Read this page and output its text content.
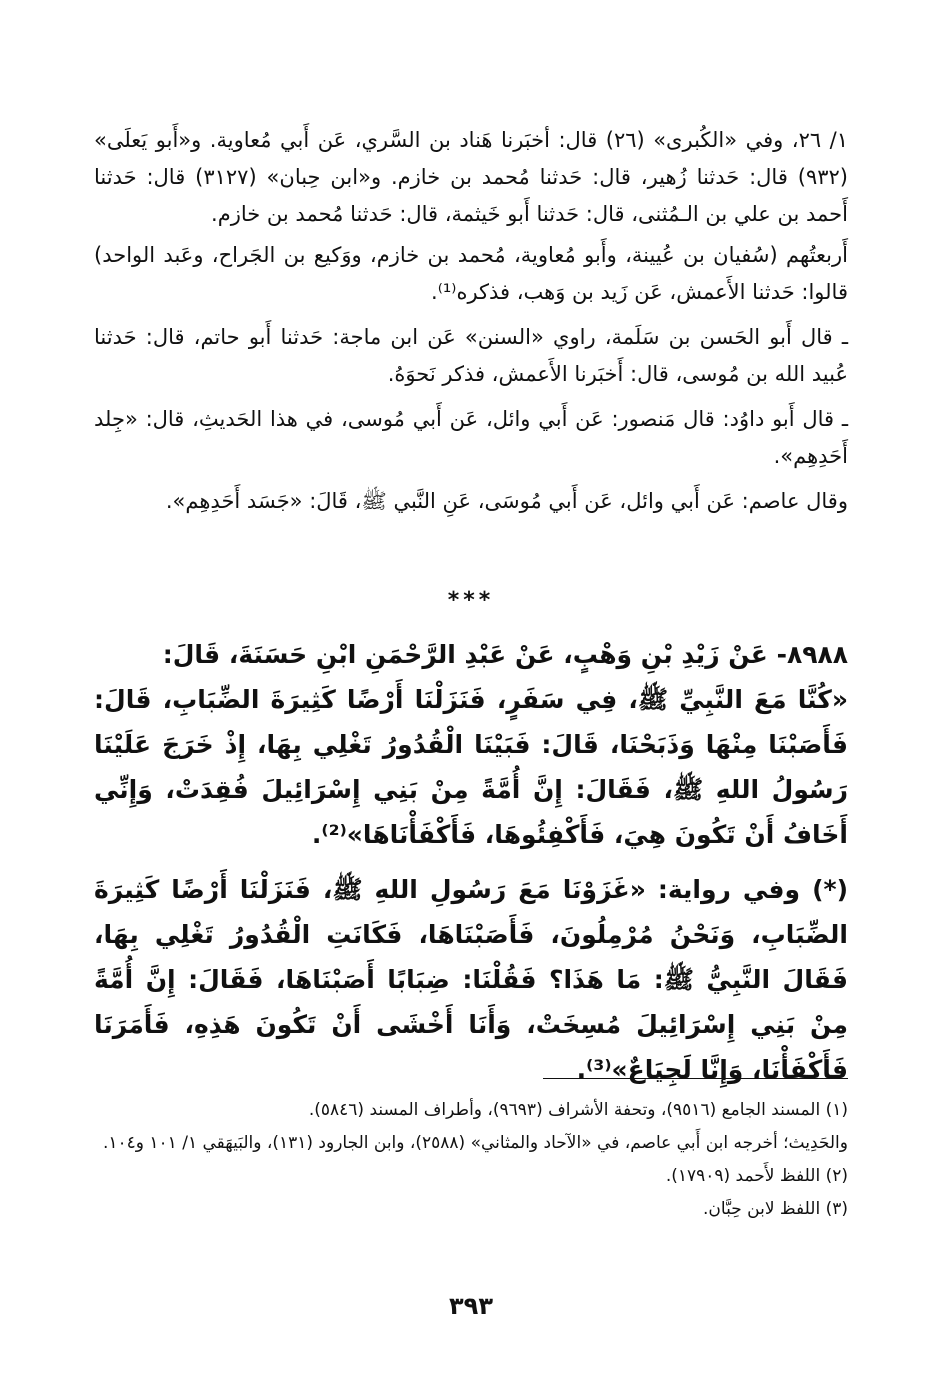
١/ ٢٦، وفي «الكُبرى» (٢٦) قال: أخبَرنا هَناد بن السَّري، عَن أَبي مُعاوية. و«أَبو يَعلَى» (٩٣٢) قال: حَدثنا زُهير، قال: حَدثنا مُحمد بن خازم. و«ابن حِبان» (٣١٢٧) قال: حَدثنا أَحمد بن علي بن الـمُثنى، قال: حَدثنا أَبو خَيثمة، قال: حَدثنا مُحمد بن خازم.

أَربعتُهم (سُفيان بن عُيينة، وأَبو مُعاوية، مُحمد بن خازم، ووَكيع بن الجَراح، وعَبد الواحد) قالوا: حَدثنا الأَعمش، عَن زَيد بن وَهب، فذكره⁽¹⁾.

ـ قال أَبو الحَسن بن سَلَمة، راوي «السنن» عَن ابن ماجة: حَدثنا أَبو حاتم، قال: حَدثنا عُبيد الله بن مُوسى، قال: أَخبَرنا الأَعمش، فذكر نَحوَهُ.

ـ قال أَبو داوُد: قال مَنصور: عَن أَبي وائل، عَن أَبي مُوسى، في هذا الحَديثِ، قال: «جِلد أَحَدِهِم».

وقال عاصم: عَن أَبي وائل، عَن أَبي مُوسَى، عَنِ النَّبي ﷺ، قَالَ: «جَسَد أَحَدِهِم».

***

٨٩٨٨- عَنْ زَيْدِ بْنِ وَهْبٍ، عَنْ عَبْدِ الرَّحْمَنِ ابْنِ حَسَنَةَ، قَالَ:

«كُنَّا مَعَ النَّبِيِّ ﷺ، فِي سَفَرٍ، فَنَزَلْنَا أَرْضًا كَثِيرَةَ الضِّبَابِ، قَالَ: فَأَصَبْنَا مِنْهَا وَذَبَحْنَا، قَالَ: فَبَيْنَا الْقُدُورُ تَغْلِي بِهَا، إِذْ خَرَجَ عَلَيْنَا رَسُولُ اللهِ ﷺ، فَقَالَ: إِنَّ أُمَّةً مِنْ بَنِي إِسْرَائِيلَ فُقِدَتْ، وَإِنِّي أَخَافُ أَنْ تَكُونَ هِيَ، فَأَكْفِئُوهَا، فَأَكْفَأْنَاهَا»⁽²⁾.

(*) وفي رواية: «غَزَوْنَا مَعَ رَسُولِ اللهِ ﷺ، فَنَزَلْنَا أَرْضًا كَثِيرَةَ الضِّبَابِ، وَنَحْنُ مُرْمِلُونَ، فَأَصَبْنَاهَا، فَكَانَتِ الْقُدُورُ تَغْلِي بِهَا، فَقَالَ النَّبِيُّ ﷺ: مَا هَذَا؟ فَقُلْنَا: ضِبَابًا أَصَبْنَاهَا، فَقَالَ: إِنَّ أُمَّةً مِنْ بَنِي إِسْرَائِيلَ مُسِخَتْ، وَأَنَا أَخْشَى أَنْ تَكُونَ هَذِهِ، فَأَمَرَنَا فَأَكْفَأْنَا، وَإِنَّا لَجِيَاعٌ»⁽³⁾.

(١) المسند الجامع (٩٥١٦)، وتحفة الأشراف (٩٦٩٣)، وأطراف المسند (٥٨٤٦).

والحَدِيث؛ أخرجه ابن أَبي عاصم، في «الآحاد والمثاني» (٢٥٨٨)، وابن الجارود (١٣١)، والبَيهَقي ١/ ١٠١ و١٠٤.

(٢) اللفظ لأَحمد (١٧٩٠٩).

(٣) اللفظ لابن حِبَّان.

٣٩٣
